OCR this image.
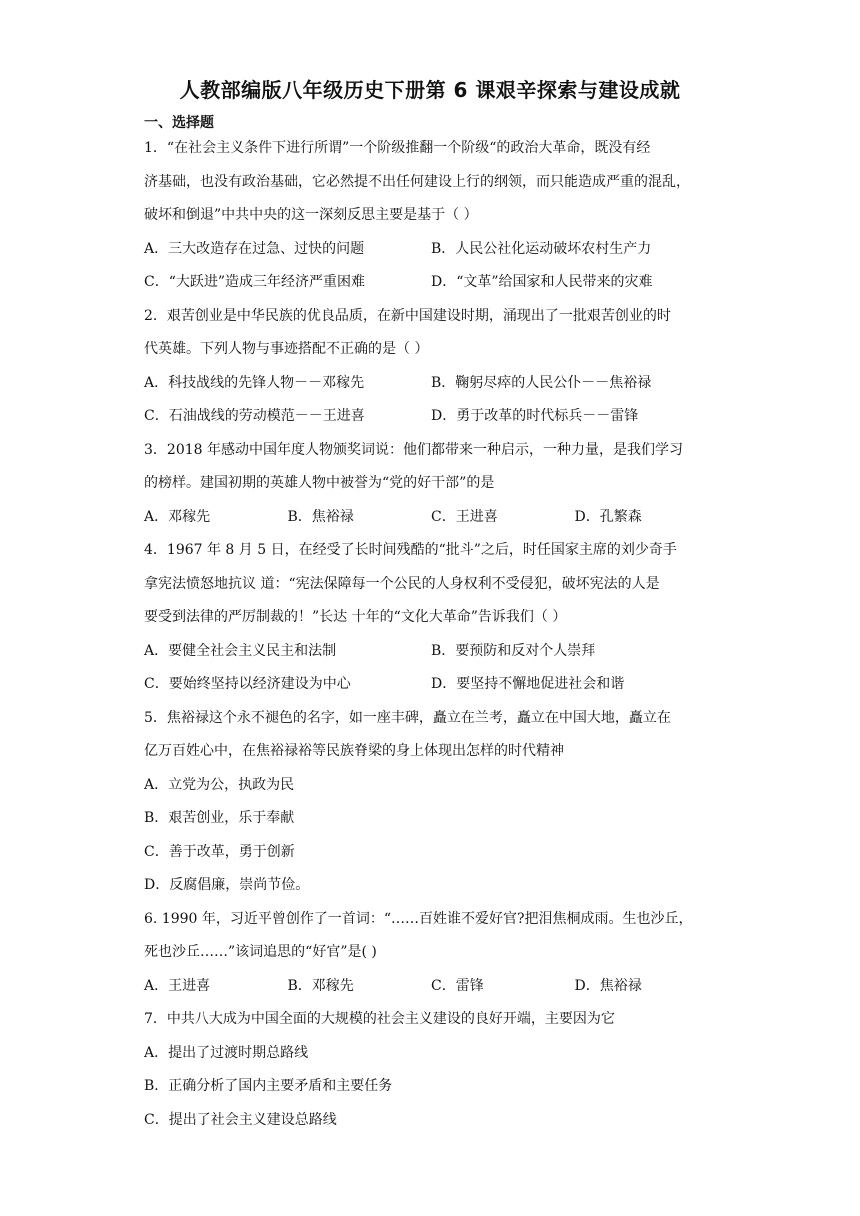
人教部编版八年级历史下册第 6 课艰辛探索与建设成就
一、选择题
1．“在社会主义条件下进行所谓”一个阶级推翻一个阶级“的政治大革命，既没有经
济基础，也没有政治基础，它必然提不出任何建设上行的纲领，而只能造成严重的混乱，
破坏和倒退”中共中央的这一深刻反思主要是基于（ ）
A．三大改造存在过急、过快的问题	B．人民公社化运动破坏农村生产力
C．“大跃进”造成三年经济严重困难	D．“文革”给国家和人民带来的灾难
2．艰苦创业是中华民族的优良品质，在新中国建设时期，涌现出了一批艰苦创业的时
代英雄。下列人物与事迹搭配不正确的是（ ）
A．科技战线的先锋人物－－邓稼先	B．鞠躬尽瘁的人民公仆－－焦裕禄
C．石油战线的劳动模范－－王进喜	D．勇于改革的时代标兵－－雷锋
3．2018 年感动中国年度人物颁奖词说：他们都带来一种启示，一种力量，是我们学习
的榜样。建国初期的英雄人物中被誉为“党的好干部”的是
A．邓稼先	B．焦裕禄	C．王进喜	D．孔繁森
4．1967 年 8 月 5 日，在经受了长时间残酷的“批斗”之后，时任国家主席的刘少奇手
拿宪法愤怒地抗议 道：“宪法保障每一个公民的人身权利不受侵犯，破坏宪法的人是
要受到法律的严厉制裁的！”长达 十年的“文化大革命”告诉我们（ ）
A．要健全社会主义民主和法制	B．要预防和反对个人崇拜
C．要始终坚持以经济建设为中心	D．要坚持不懈地促进社会和谐
5．焦裕禄这个永不褪色的名字，如一座丰碑，矗立在兰考，矗立在中国大地，矗立在
亿万百姓心中，在焦裕禄裕等民族脊梁的身上体现出怎样的时代精神
A．立党为公，执政为民
B．艰苦创业，乐于奉献
C．善于改革，勇于创新
D．反腐倡廉，崇尚节俭。
6. 1990 年，习近平曾创作了一首词：“……百姓谁不爱好官?把泪焦桐成雨。生也沙丘，
死也沙丘……”该词追思的“好官”是( )
A．王进喜	B．邓稼先	C．雷锋	D．焦裕禄
7．中共八大成为中国全面的大规模的社会主义建设的良好开端，主要因为它
A．提出了过渡时期总路线
B．正确分析了国内主要矛盾和主要任务
C．提出了社会主义建设总路线
